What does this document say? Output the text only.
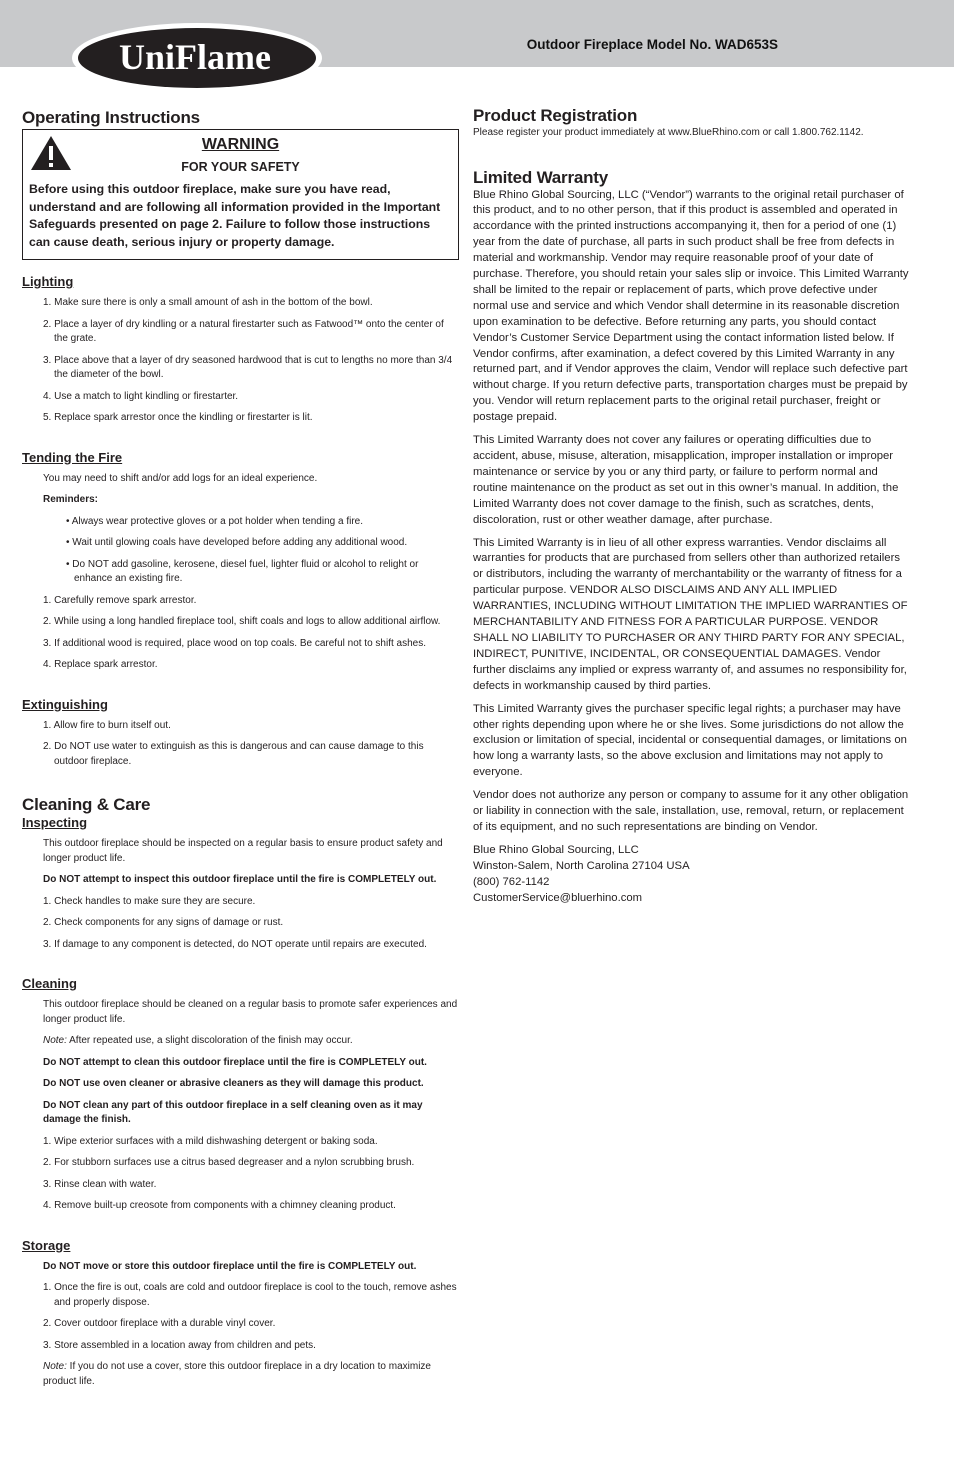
UniFlame	Outdoor Fireplace Model No. WAD653S
Operating Instructions

WARNING

FOR YOUR SAFETY

Before using this outdoor fireplace, make sure you have read, understand and are following all information provided in the Important Safeguards presented on page 2. Failure to follow those instructions can cause death, serious injury or property damage.

Lighting
1. Make sure there is only a small amount of ash in the bottom of the bowl.
2. Place a layer of dry kindling or a natural firestarter such as Fatwood™ onto the center of the grate.
3. Place above that a layer of dry seasoned hardwood that is cut to lengths no more than 3/4 the diameter of the bowl.
4. Use a match to light kindling or firestarter.
5. Replace spark arrestor once the kindling or firestarter is lit.
Tending the Fire

You may need to shift and/or add logs for an ideal experience.

Reminders:

• Always wear protective gloves or a pot holder when tending a fire.
• Wait until glowing coals have developed before adding any additional wood.
• Do NOT add gasoline, kerosene, diesel fuel, lighter fluid or alcohol to relight or enhance an existing fire.
1. Carefully remove spark arrestor.
2. While using a long handled fireplace tool, shift coals and logs to allow additional airflow.
3. If additional wood is required, place wood on top coals. Be careful not to shift ashes.
4. Replace spark arrestor.
Extinguishing
1. Allow fire to burn itself out.
2. Do NOT use water to extinguish as this is dangerous and can cause damage to this outdoor fireplace.
Cleaning & Care
Inspecting

This outdoor fireplace should be inspected on a regular basis to ensure product safety and longer product life.

Do NOT attempt to inspect this outdoor fireplace until the fire is COMPLETELY out.

1. Check handles to make sure they are secure.
2. Check components for any signs of damage or rust.
3. If damage to any component is detected, do NOT operate until repairs are executed.
Cleaning

This outdoor fireplace should be cleaned on a regular basis to promote safer experiences and longer product life.

Note: After repeated use, a slight discoloration of the finish may occur.

Do NOT attempt to clean this outdoor fireplace until the fire is COMPLETELY out.

Do NOT use oven cleaner or abrasive cleaners as they will damage this product.

Do NOT clean any part of this outdoor fireplace in a self cleaning oven as it may damage the finish.

1. Wipe exterior surfaces with a mild dishwashing detergent or baking soda.
2. For stubborn surfaces use a citrus based degreaser and a nylon scrubbing brush.
3. Rinse clean with water.
4. Remove built-up creosote from components with a chimney cleaning product.
Storage

Do NOT move or store this outdoor fireplace until the fire is COMPLETELY out.

1. Once the fire is out, coals are cold and outdoor fireplace is cool to the touch, remove ashes and properly dispose.
2. Cover outdoor fireplace with a durable vinyl cover.
3. Store assembled in a location away from children and pets.

Note: If you do not use a cover, store this outdoor fireplace in a dry location to maximize product life.

Product Registration

Please register your product immediately at www.BlueRhino.com or call 1.800.762.1142.

Limited Warranty

Blue Rhino Global Sourcing, LLC (“Vendor”) warrants to the original retail purchaser of this product, and to no other person, that if this product is assembled and operated in accordance with the printed instructions accompanying it, then for a period of one (1) year from the date of purchase, all parts in such product shall be free from defects in material and workmanship. Vendor may require reasonable proof of your date of purchase. Therefore, you should retain your sales slip or invoice. This Limited Warranty shall be limited to the repair or replacement of parts, which prove defective under normal use and service and which Vendor shall determine in its reasonable discretion upon examination to be defective. Before returning any parts, you should contact Vendor’s Customer Service Department using the contact information listed below. If Vendor confirms, after examination, a defect covered by this Limited Warranty in any returned part, and if Vendor approves the claim, Vendor will replace such defective part without charge. If you return defective parts, transportation charges must be prepaid by you. Vendor will return replacement parts to the original retail purchaser, freight or postage prepaid.

This Limited Warranty does not cover any failures or operating difficulties due to accident, abuse, misuse, alteration, misapplication, improper installation or improper maintenance or service by you or any third party, or failure to perform normal and routine maintenance on the product as set out in this owner’s manual. In addition, the Limited Warranty does not cover damage to the finish, such as scratches, dents, discoloration, rust or other weather damage, after purchase.

This Limited Warranty is in lieu of all other express warranties. Vendor disclaims all warranties for products that are purchased from sellers other than authorized retailers or distributors, including the warranty of merchantability or the warranty of fitness for a particular purpose. VENDOR ALSO DISCLAIMS AND ANY ALL IMPLIED WARRANTIES, INCLUDING WITHOUT LIMITATION THE IMPLIED WARRANTIES OF MERCHANTABILITY AND FITNESS FOR A PARTICULAR PURPOSE. VENDOR SHALL NO LIABILITY TO PURCHASER OR ANY THIRD PARTY FOR ANY SPECIAL, INDIRECT, PUNITIVE, INCIDENTAL, OR CONSEQUENTIAL DAMAGES. Vendor further disclaims any implied or express warranty of, and assumes no responsibility for, defects in workmanship caused by third parties.

This Limited Warranty gives the purchaser specific legal rights; a purchaser may have other rights depending upon where he or she lives. Some jurisdictions do not allow the exclusion or limitation of special, incidental or consequential damages, or limitations on how long a warranty lasts, so the above exclusion and limitations may not apply to everyone.

Vendor does not authorize any person or company to assume for it any other obligation or liability in connection with the sale, installation, use, removal, return, or replacement of its equipment, and no such representations are binding on Vendor.

Blue Rhino Global Sourcing, LLC

Winston-Salem, North Carolina 27104 USA

(800) 762-1142

CustomerService@bluerhino.com
